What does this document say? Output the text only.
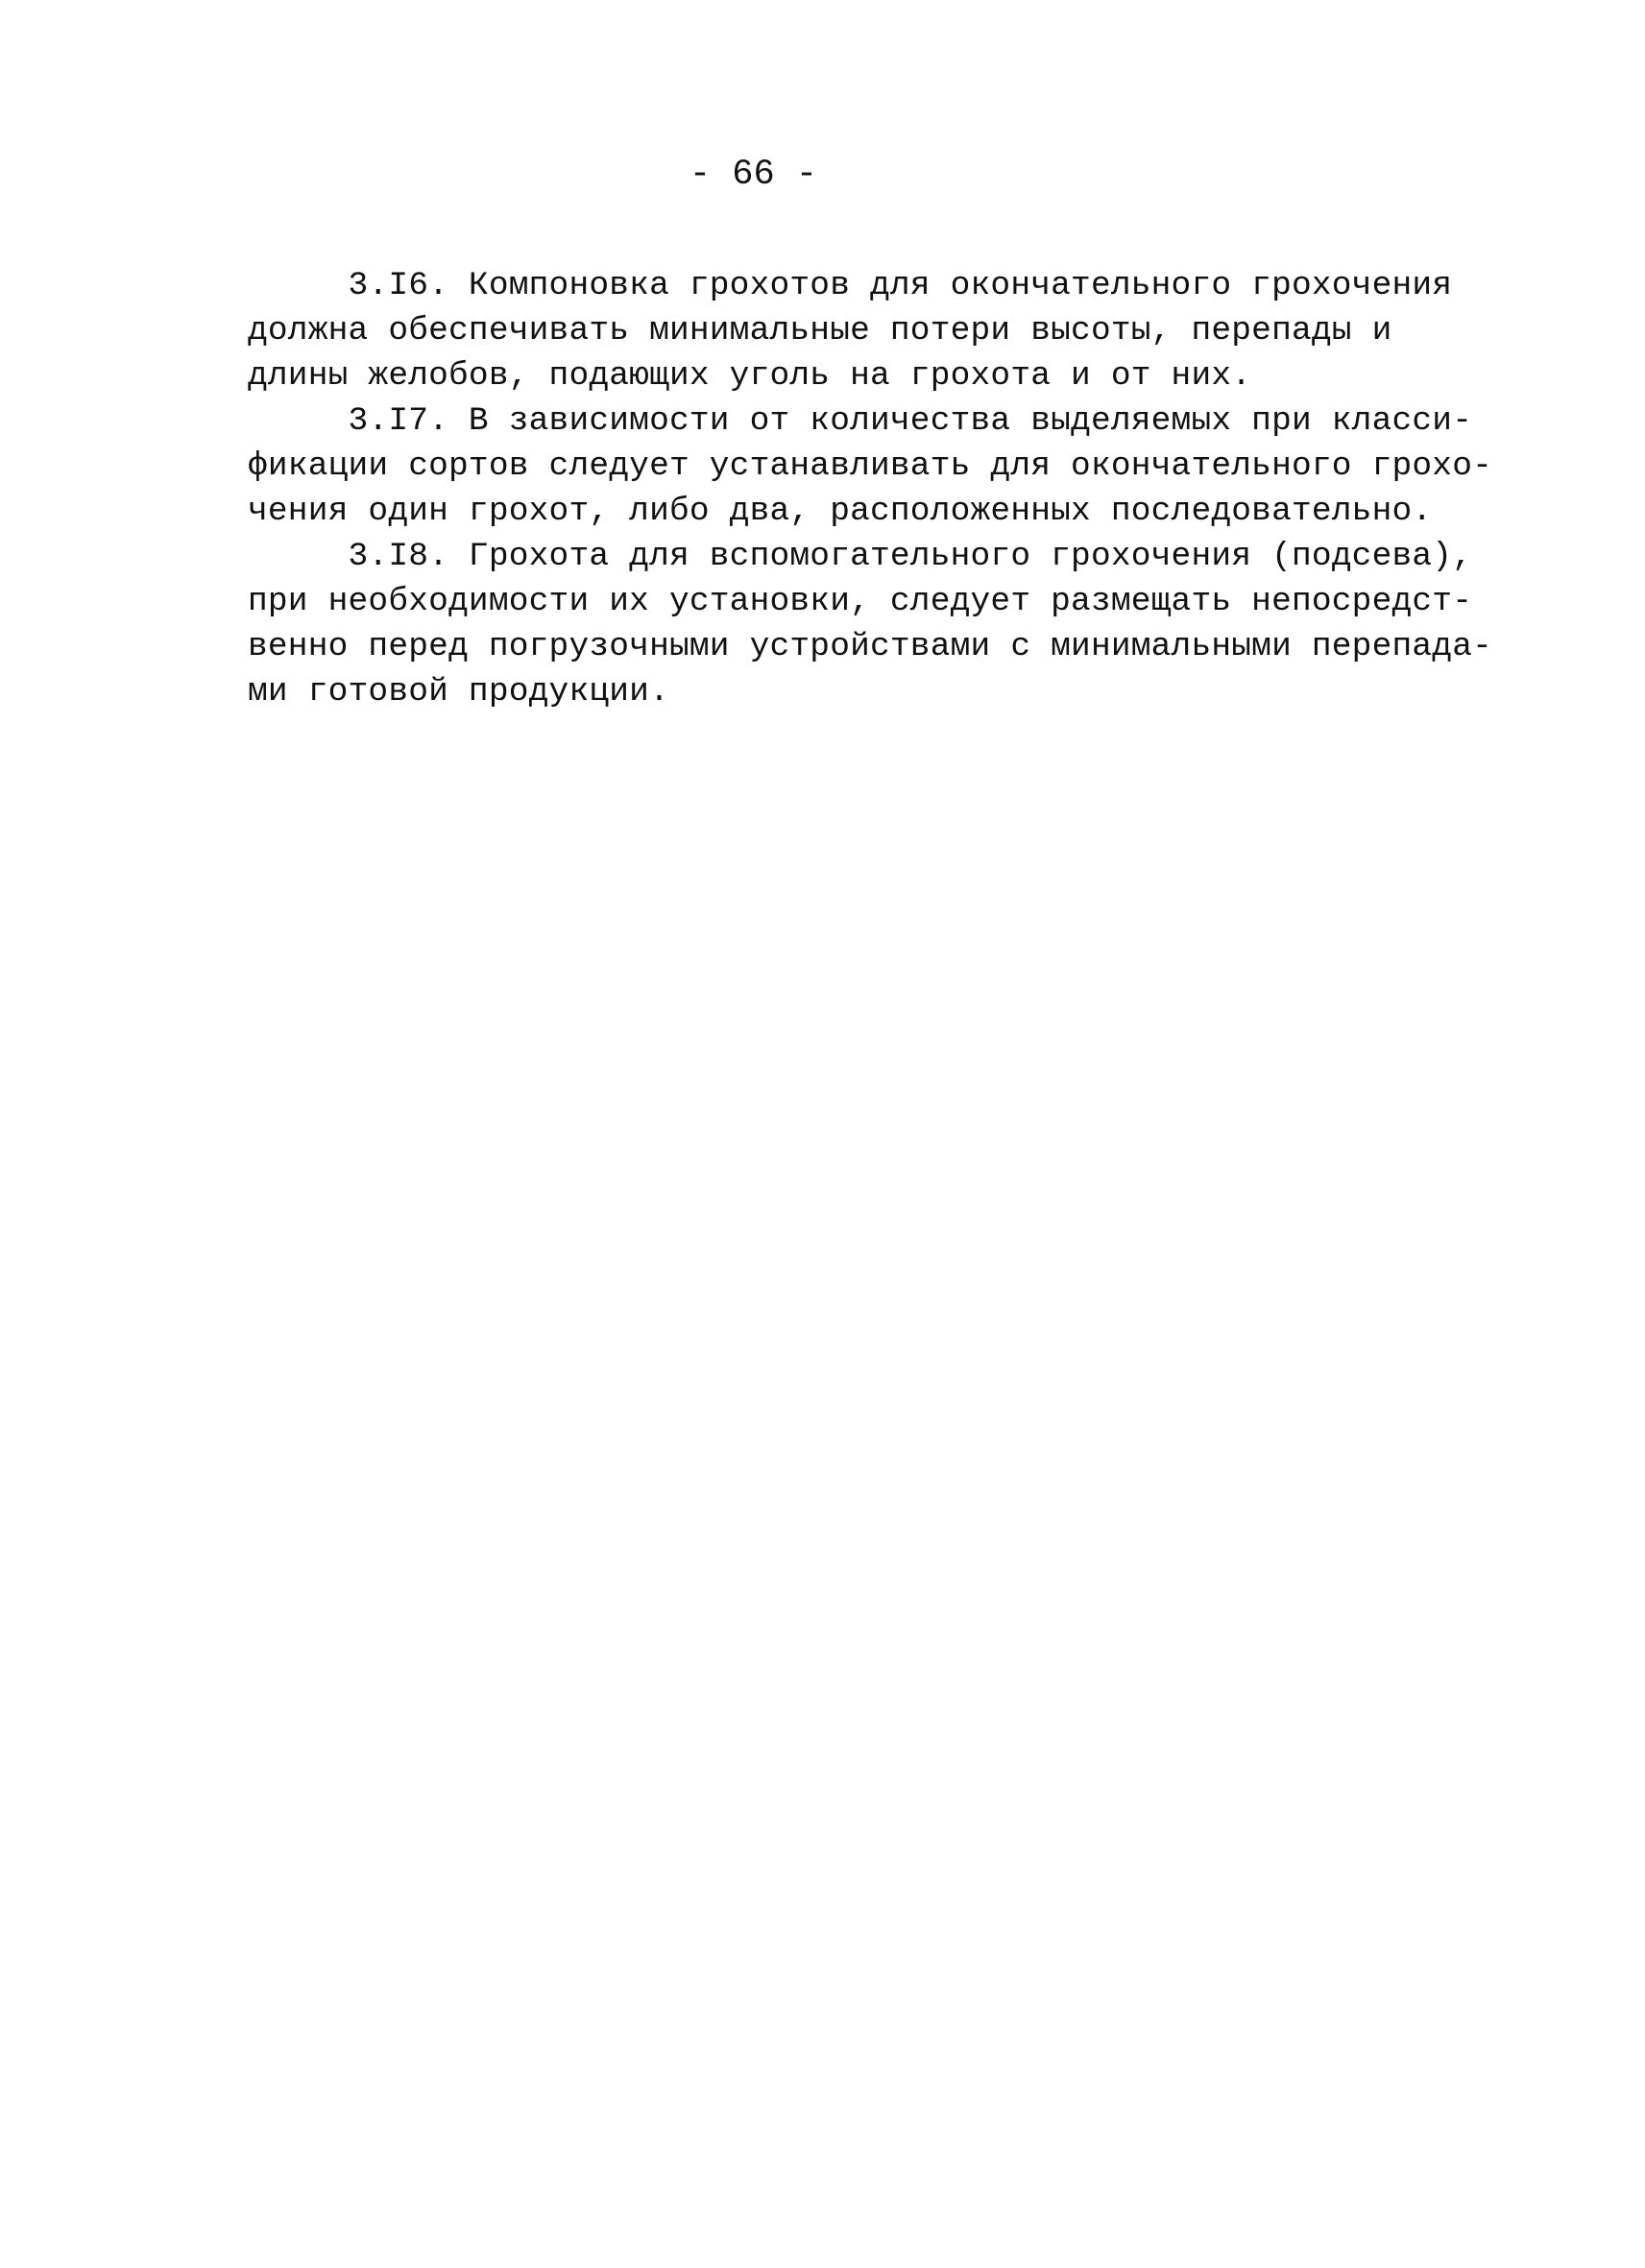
- 66 -
3.I6. Компоновка грохотов для окончательного грохочения
должна обеспечивать минимальные потери высоты, перепады и
длины желобов, подающих уголь на грохота и от них.
3.I7. В зависимости от количества выделяемых при класси-
фикации сортов следует устанавливать для окончательного грохо-
чения один грохот, либо два, расположенных последовательно.
3.I8. Грохота для вспомогательного грохочения (подсева),
при необходимости их установки, следует размещать непосредст-
венно перед погрузочными устройствами с минимальными перепада-
ми готовой продукции.
